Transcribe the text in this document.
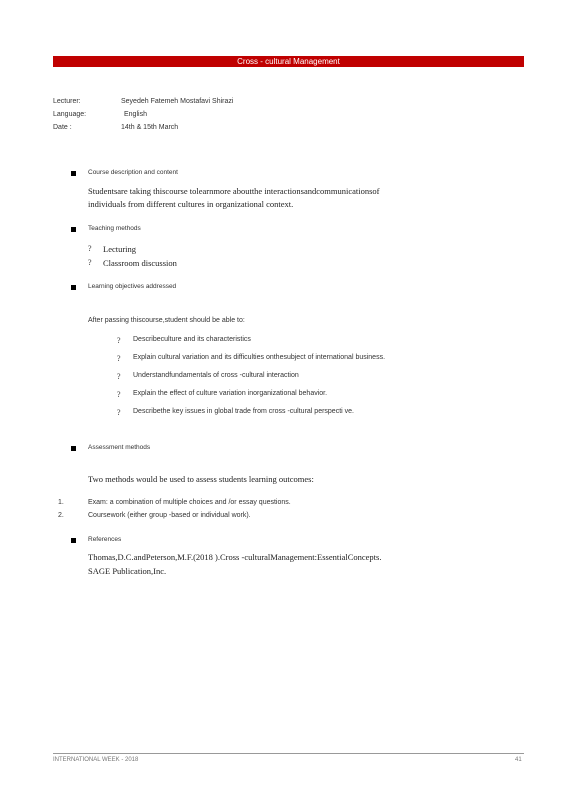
Cross - cultural Management
Lecturer:	Seyedeh Fatemeh Mostafavi Shirazi
Language:	English
Date :	14th & 15th March
Course description and content
Studentsare taking thiscourse tolearnmore aboutthe interactionsandcommunicationsof
individuals from different cultures in organizational context.
Teaching methods
? Lecturing
? Classroom discussion
Learning objectives addressed
After passing thiscourse,student should be able to:
? Describeculture and its characteristics
? Explain cultural variation and its difficulties onthesubject of international business.
? Understandfundamentals of cross -cultural interaction
? Explain the effect of culture variation inorganizational behavior.
? Describethe key issues in global trade from cross -cultural perspecti ve.
Assessment methods
Two methods would be used to assess students learning outcomes:
1.	Exam: a combination of multiple choices and /or essay questions.
2.	Coursework (either group -based or individual work).
References
Thomas,D.C.andPeterson,M.F.(2018 ).Cross -culturalManagement:EssentialConcepts.
SAGE Publication,Inc.
INTERNATIONAL WEEK - 2018	41
